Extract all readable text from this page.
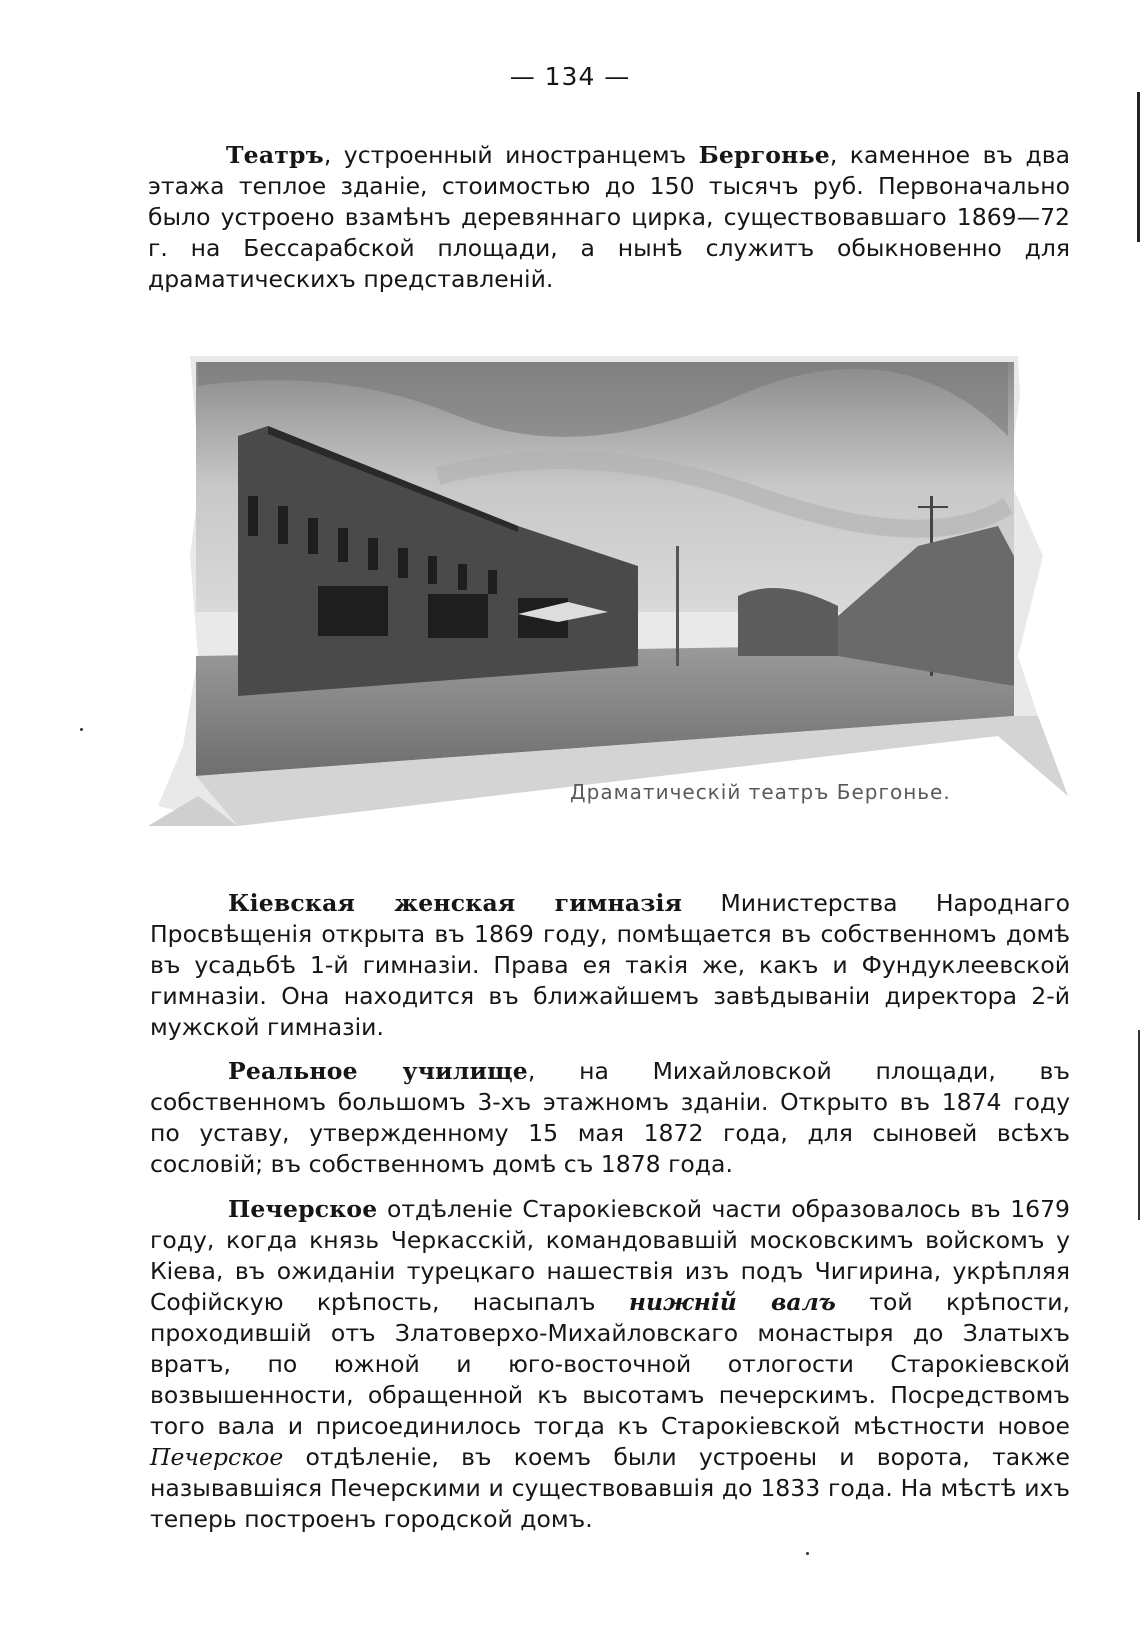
— 134 —

Театръ, устроенный иностранцемъ Бергонье, каменное въ два этажа теплое зданіе, стоимостью до 150 тысячъ руб. Первоначально было устроено взамѣнъ деревяннаго цирка, существовавшаго 1869—72 г. на Бессарабской площади, а нынѣ служитъ обыкновенно для драматическихъ представленій.

Драматическій театръ Бергонье.

Кіевская женская гимназія Министерства Народнаго Просвѣщенія открыта въ 1869 году, помѣщается въ собственномъ домѣ въ усадьбѣ 1-й гимназіи. Права ея такія же, какъ и Фундуклеевской гимназіи. Она находится въ ближайшемъ завѣдываніи директора 2-й мужской гимназіи.

Реальное училище, на Михайловской площади, въ собственномъ большомъ 3-хъ этажномъ зданіи. Открыто въ 1874 году по уставу, утвержденному 15 мая 1872 года, для сыновей всѣхъ сословій; въ собственномъ домѣ съ 1878 года.

Печерское отдѣленіе Старокіевской части образовалось въ 1679 году, когда князь Черкасскій, командовавшій московскимъ войскомъ у Кіева, въ ожиданіи турецкаго нашествія изъ подъ Чигирина, укрѣпляя Софійскую крѣпость, насыпалъ нижній валъ той крѣпости, проходившій отъ Златоверхо-Михайловскаго монастыря до Златыхъ вратъ, по южной и юго-восточной отлогости Старокіевской возвышенности, обращенной къ высотамъ печерскимъ. Посредствомъ того вала и присоединилось тогда къ Старокіевской мѣстности новое Печерское отдѣленіе, въ коемъ были устроены и ворота, также называвшіяся Печерскими и существовавшія до 1833 года. На мѣстѣ ихъ теперь построенъ городской домъ.
